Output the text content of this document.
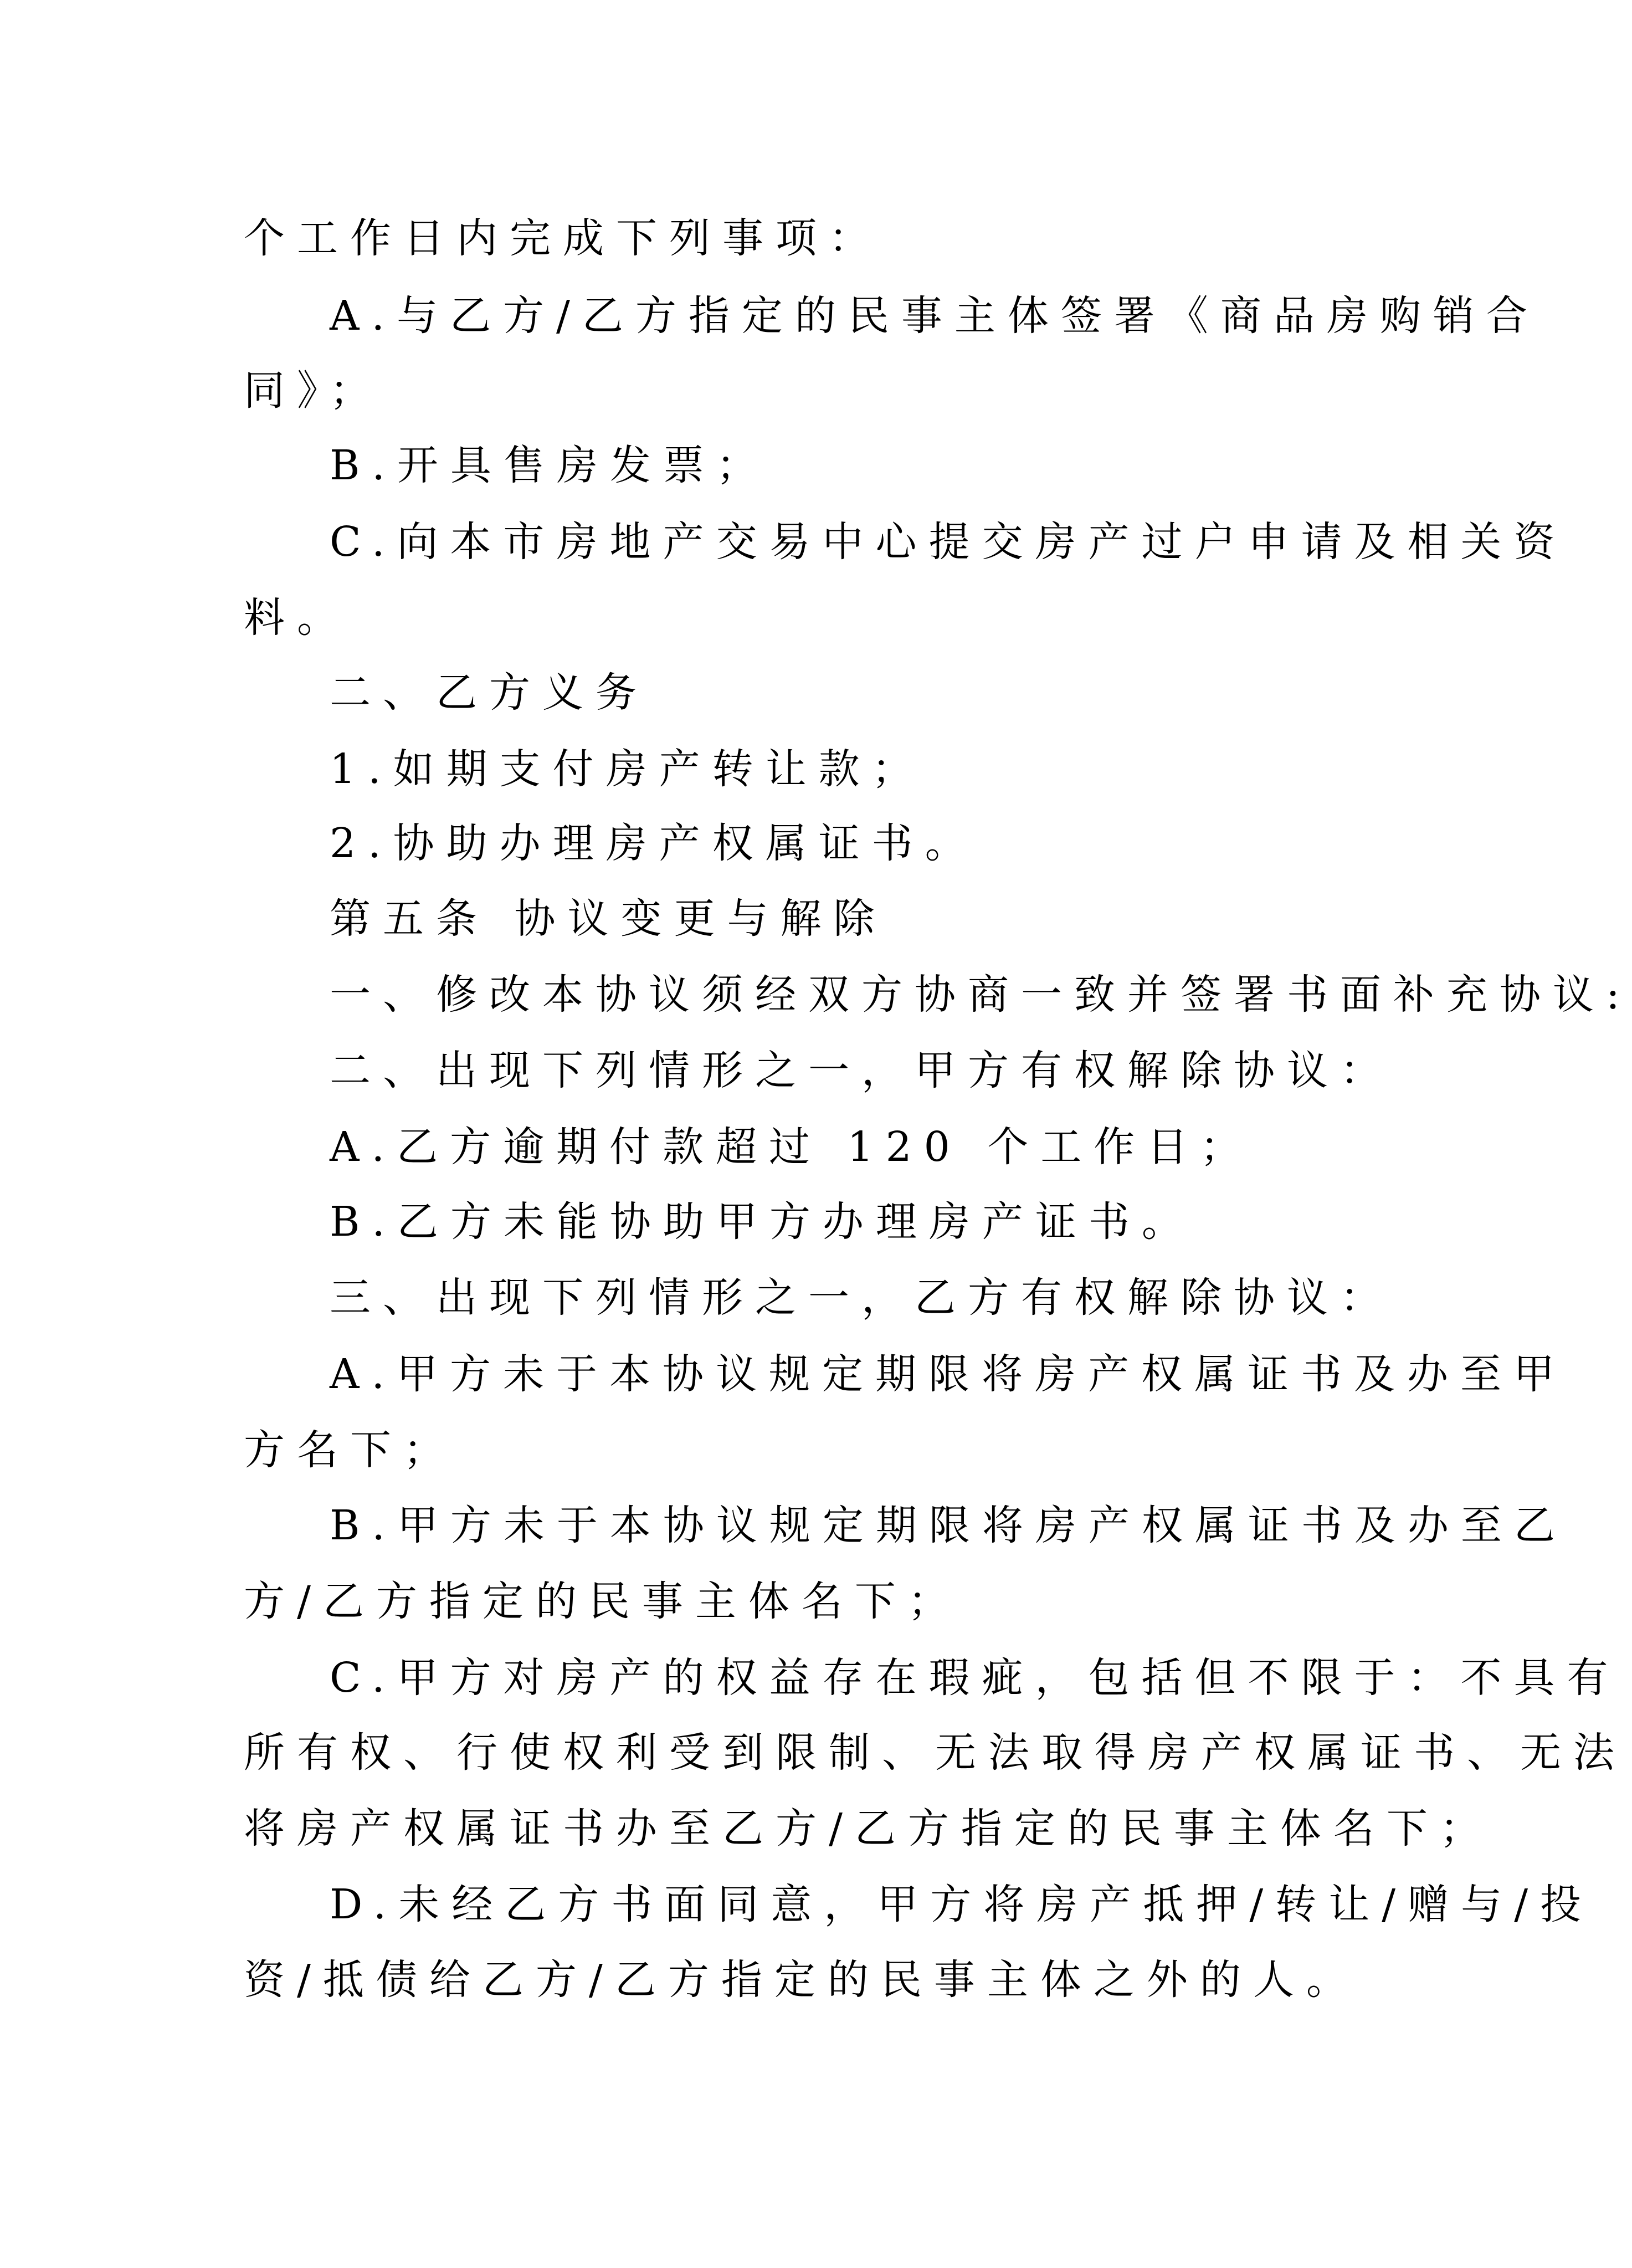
个工作日内完成下列事项：
A.与乙方/乙方指定的民事主体签署《商品房购销合
同》；
B.开具售房发票；
C.向本市房地产交易中心提交房产过户申请及相关资
料。
二、乙方义务
1.如期支付房产转让款；
2.协助办理房产权属证书。
第五条 协议变更与解除
一、修改本协议须经双方协商一致并签署书面补充协议:
二、出现下列情形之一，甲方有权解除协议：
A.乙方逾期付款超过 120 个工作日；
B.乙方未能协助甲方办理房产证书。
三、出现下列情形之一，乙方有权解除协议：
A.甲方未于本协议规定期限将房产权属证书及办至甲
方名下；
B.甲方未于本协议规定期限将房产权属证书及办至乙
方/乙方指定的民事主体名下；
C.甲方对房产的权益存在瑕疵，包括但不限于：不具有
所有权、行使权利受到限制、无法取得房产权属证书、无法
将房产权属证书办至乙方/乙方指定的民事主体名下；
D.未经乙方书面同意，甲方将房产抵押/转让/赠与/投
资/抵债给乙方/乙方指定的民事主体之外的人。
